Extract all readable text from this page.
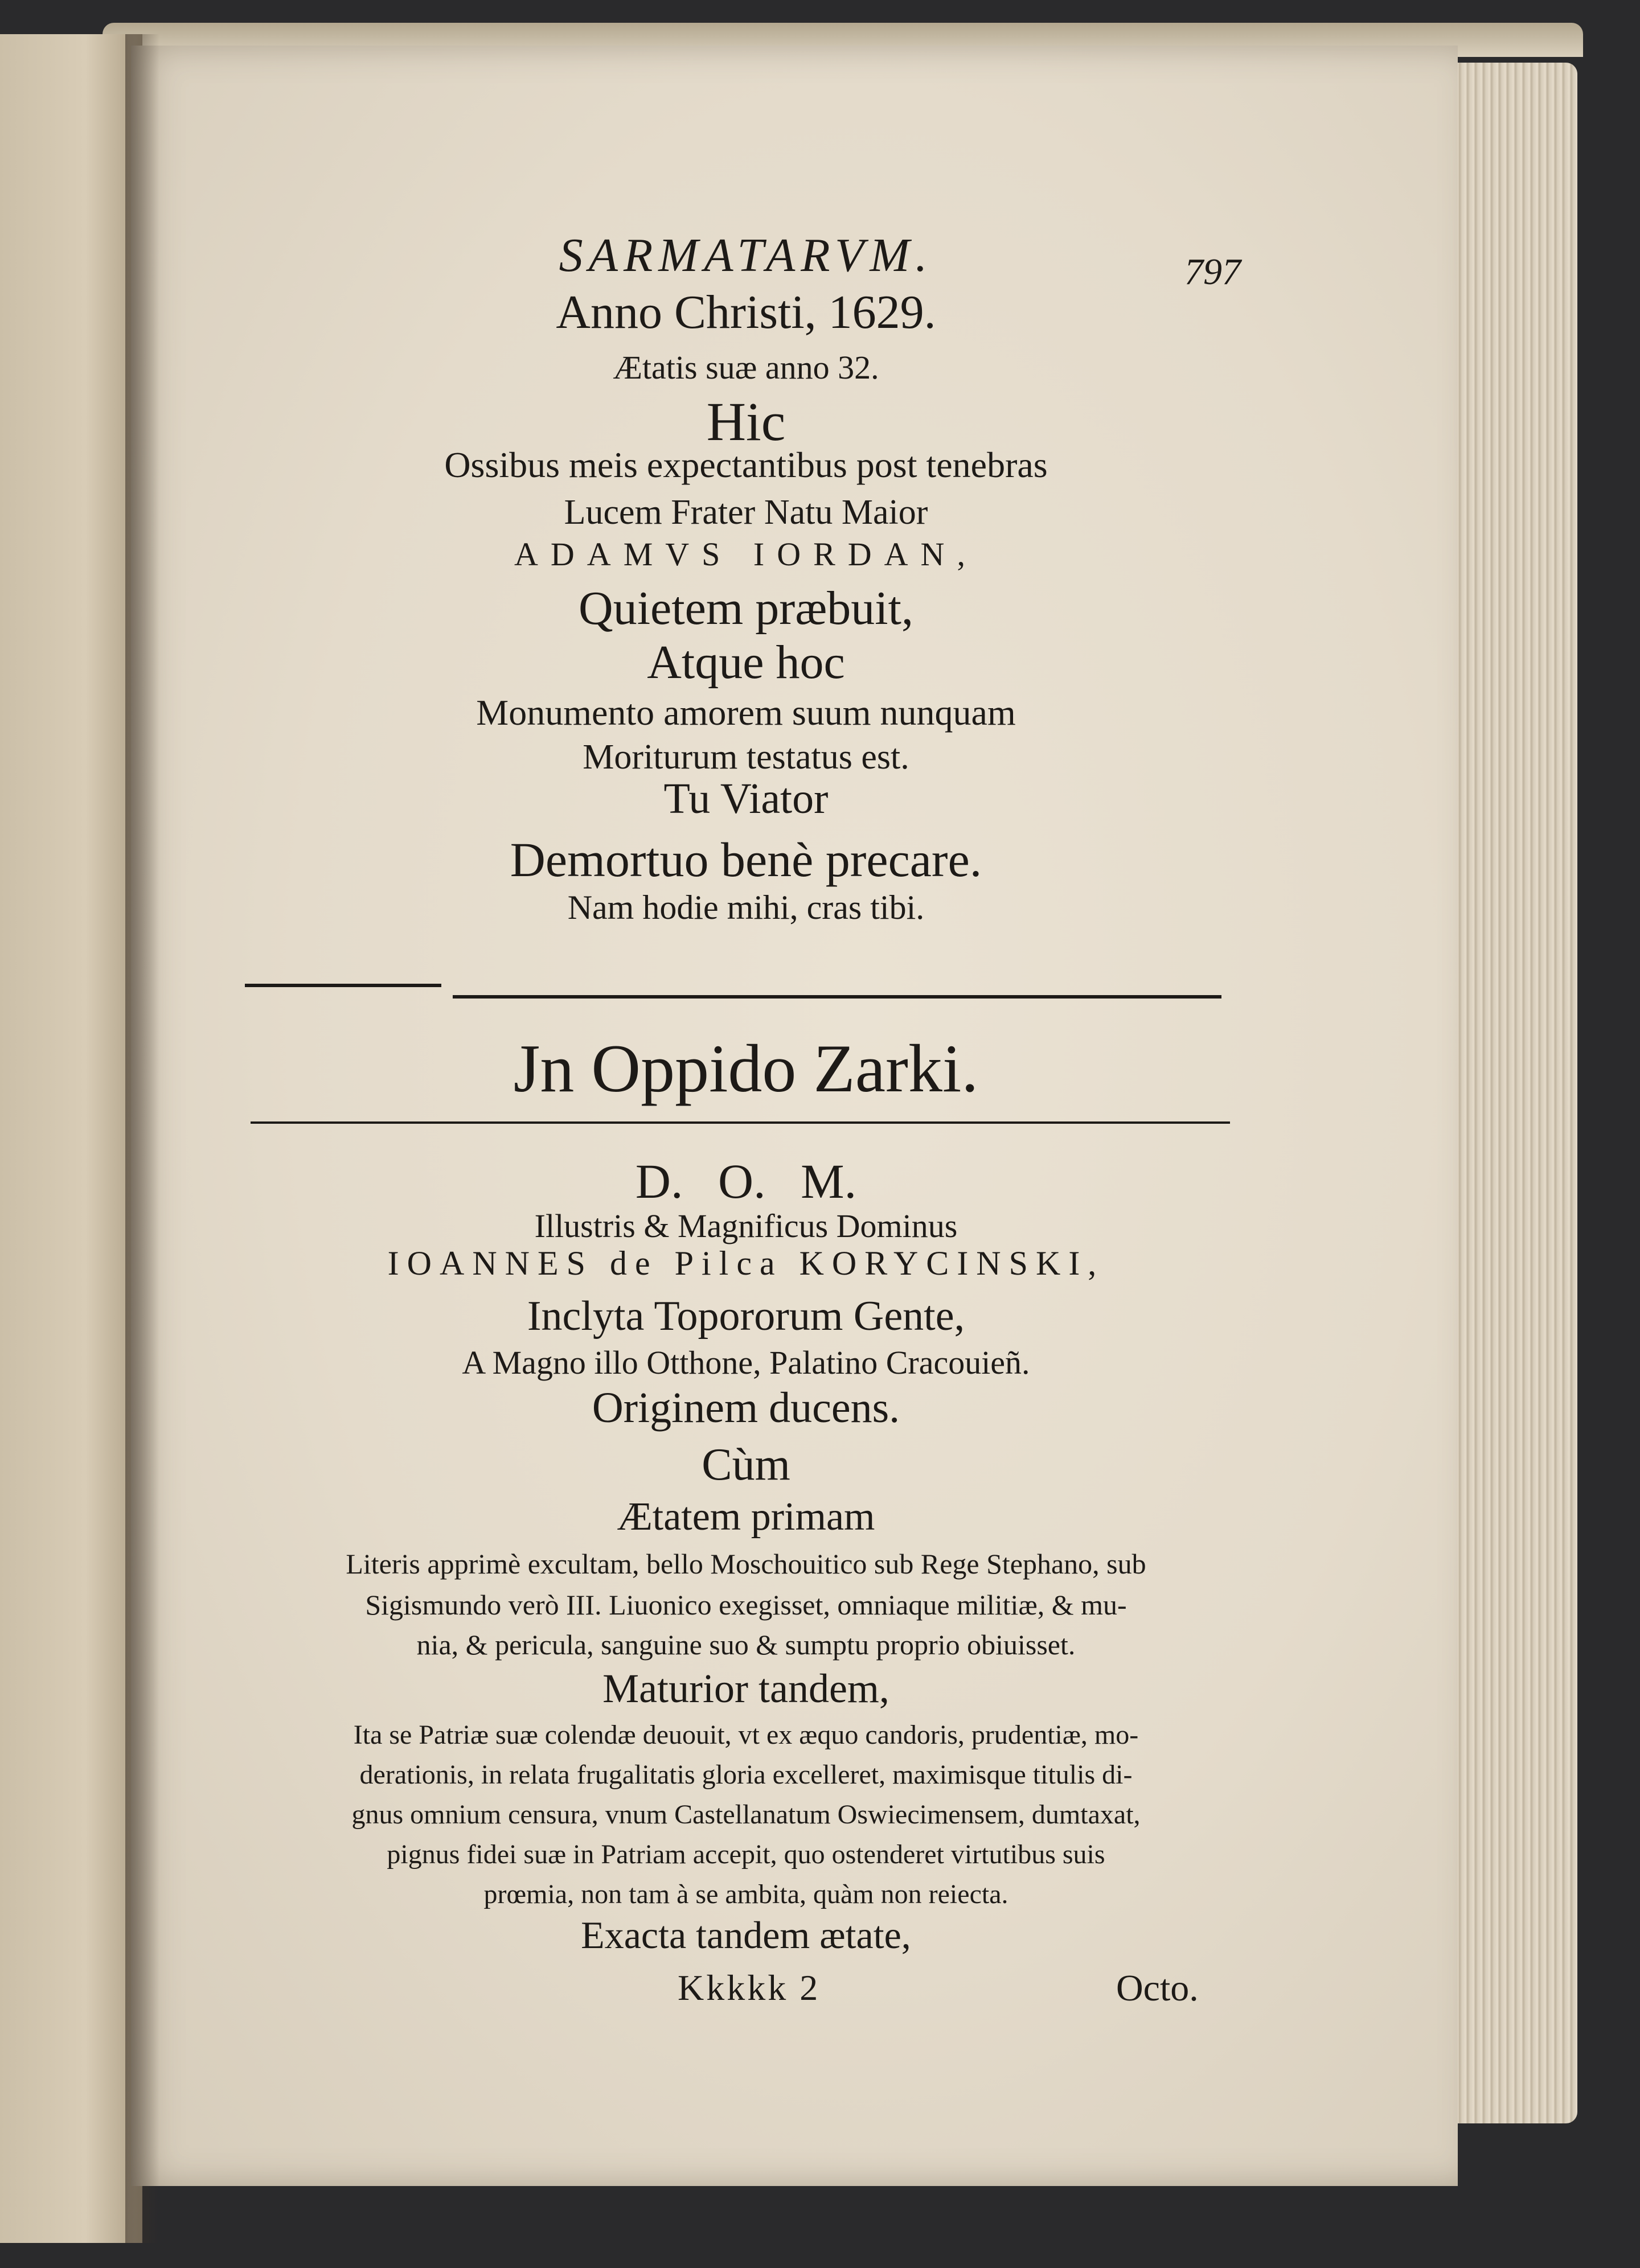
SARMATARVM.	797
Anno Christi, 1629.
Ætatis suæ anno 32.
Hic
Ossibus meis expectantibus post tenebras
Lucem Frater Natu Maior
ADAMVS IORDAN,
Quietem præbuit,
Atque hoc
Monumento amorem suum nunquam
Moriturum testatus est.
Tu Viator
Demortuo benè precare.
Nam hodie mihi, cras tibi.
Jn Oppido Zarki.
D. O. M.
Illustris & Magnificus Dominus
IOANNES de Pilca KORYCINSKI,
Inclyta Topororum Gente,
A Magno illo Otthone, Palatino Cracouieñ.
Originem ducens.
Cùm
Ætatem primam
Literis apprimè excultam, bello Moschouitico sub Rege Stephano, sub
Sigismundo verò III. Liuonico exegisset, omniaque militiæ, & mu-
nia, & pericula, sanguine suo & sumptu proprio obiuisset.
Maturior tandem,
Ita se Patriæ suæ colendæ deuouit, vt ex æquo candoris, prudentiæ, mo-
derationis, in relata frugalitatis gloria excelleret, maximisque titulis di-
gnus omnium censura, vnum Castellanatum Oswiecimensem, dumtaxat,
pignus fidei suæ in Patriam accepit, quo ostenderet virtutibus suis
prœmia, non tam à se ambita, quàm non reiecta.
Exacta tandem ætate,
Kkkkk 2	Octo.
